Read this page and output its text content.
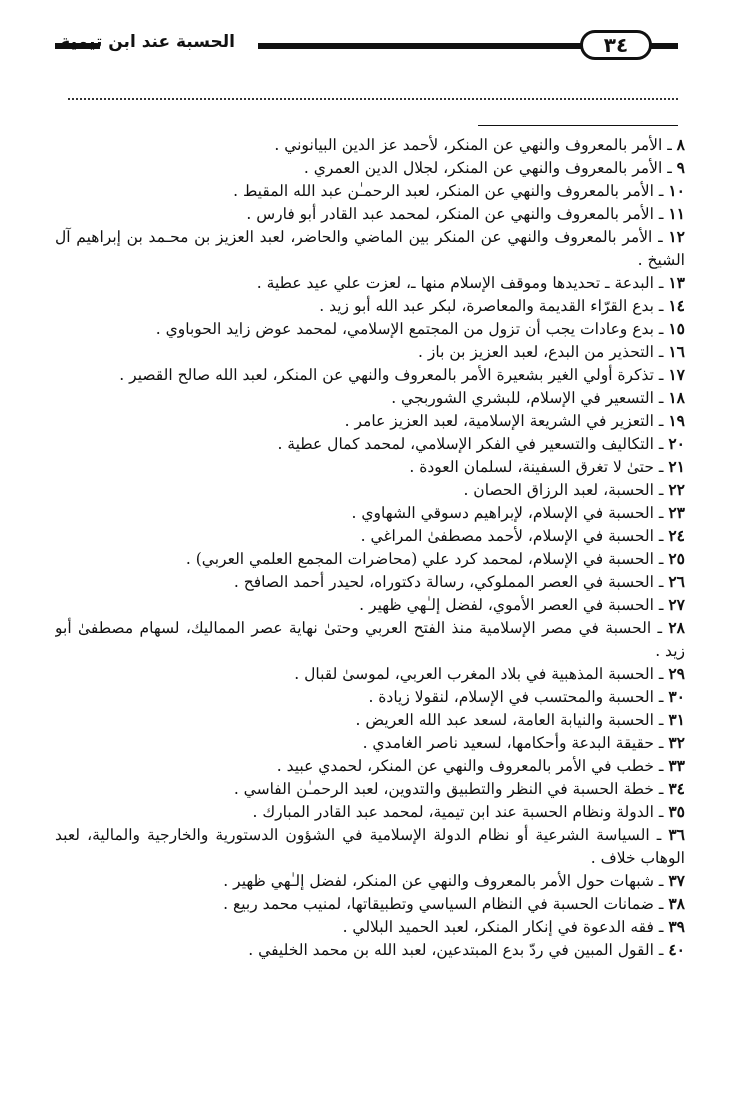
الحسبة عند ابن تيمية	٣٤
٨ ـ الأمر بالمعروف والنهي عن المنكر، لأحمد عز الدين البيانوني .
٩ ـ الأمر بالمعروف والنهي عن المنكر، لجلال الدين العمري .
١٠ ـ الأمر بالمعروف والنهي عن المنكر، لعبد الرحمـٰن عبد الله المقيط .
١١ ـ الأمر بالمعروف والنهي عن المنكر، لمحمد عبد القادر أبو فارس .
١٢ ـ الأمر بالمعروف والنهي عن المنكر بين الماضي والحاضر، لعبد العزيز بن محـمد بن إبراهيم آل الشيخ .
١٣ ـ البدعة ـ تحديدها وموقف الإسلام منها ـ، لعزت علي عيد عطية .
١٤ ـ بدع القرّاء القديمة والمعاصرة، لبكر عبد الله أبو زيد .
١٥ ـ بدع وعادات يجب أن تزول من المجتمع الإسلامي، لمحمد عوض زايد الحوباوي .
١٦ ـ التحذير من البدع، لعبد العزيز بن باز .
١٧ ـ تذكرة أولي الغير بشعيرة الأمر بالمعروف والنهي عن المنكر، لعبد الله صالح القصير .
١٨ ـ التسعير في الإسلام، للبشري الشوربجي .
١٩ ـ التعزير في الشريعة الإسلامية، لعبد العزيز عامر .
٢٠ ـ التكاليف والتسعير في الفكر الإسلامي، لمحمد كمال عطية .
٢١ ـ حتىٰ لا تغرق السفينة، لسلمان العودة .
٢٢ ـ الحسبة، لعبد الرزاق الحصان .
٢٣ ـ الحسبة في الإسلام، لإبراهيم دسوقي الشهاوي .
٢٤ ـ الحسبة في الإسلام، لأحمد مصطفىٰ المراغي .
٢٥ ـ الحسبة في الإسلام، لمحمد كرد علي (محاضرات المجمع العلمي العربي) .
٢٦ ـ الحسبة في العصر المملوكي، رسالة دكتوراه، لحيدر أحمد الصافح .
٢٧ ـ الحسبة في العصر الأموي، لفضل إلـٰهي ظهير .
٢٨ ـ الحسبة في مصر الإسلامية منذ الفتح العربي وحتىٰ نهاية عصر المماليك، لسهام مصطفىٰ أبو زيد .
٢٩ ـ الحسبة المذهبية في بلاد المغرب العربي، لموسىٰ لقبال .
٣٠ ـ الحسبة والمحتسب في الإسلام، لنقولا زيادة .
٣١ ـ الحسبة والنيابة العامة، لسعد عبد الله العريض .
٣٢ ـ حقيقة البدعة وأحكامها، لسعيد ناصر الغامدي .
٣٣ ـ خطب في الأمر بالمعروف والنهي عن المنكر، لحمدي عبيد .
٣٤ ـ خطة الحسبة في النظر والتطبيق والتدوين، لعبد الرحمـٰن الفاسي .
٣٥ ـ الدولة ونظام الحسبة عند ابن تيمية، لمحمد عبد القادر المبارك .
٣٦ ـ السياسة الشرعية أو نظام الدولة الإسلامية في الشؤون الدستورية والخارجية والمالية، لعبد الوهاب خلاف .
٣٧ ـ شبهات حول الأمر بالمعروف والنهي عن المنكر، لفضل إلـٰهي ظهير .
٣٨ ـ ضمانات الحسبة في النظام السياسي وتطبيقاتها، لمنيب محمد ربيع .
٣٩ ـ فقه الدعوة في إنكار المنكر، لعبد الحميد البلالي .
٤٠ ـ القول المبين في ردّ بدع المبتدعين، لعبد الله بن محمد الخليفي .
